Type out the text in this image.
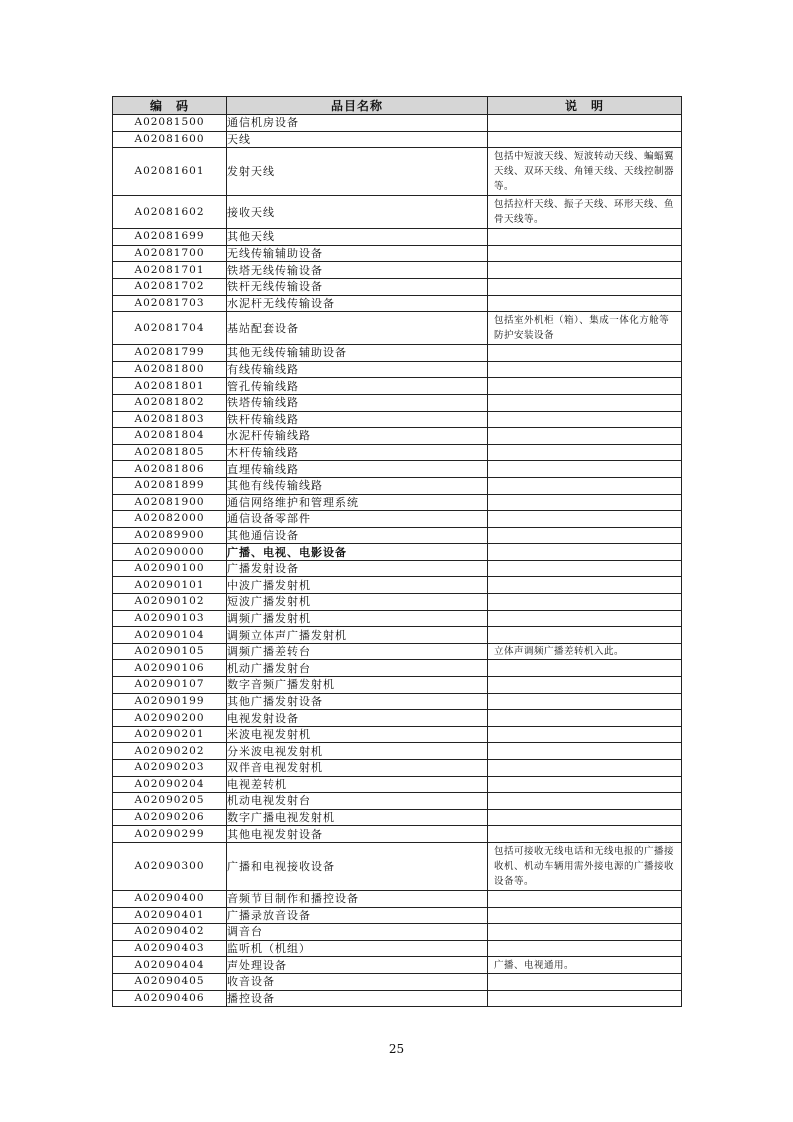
编　码	品目名称	说　明
A02081500	通信机房设备	
A02081600	天线	
A02081601	发射天线	包括中短波天线、短波转动天线、蝙蝠翼天线、双环天线、角锤天线、天线控制器等。
A02081602	接收天线	包括拉杆天线、振子天线、环形天线、鱼骨天线等。
A02081699	其他天线	
A02081700	无线传输辅助设备	
A02081701	铁塔无线传输设备	
A02081702	铁杆无线传输设备	
A02081703	水泥杆无线传输设备	
A02081704	基站配套设备	包括室外机柜（箱）、集成一体化方舱等防护安装设备
A02081799	其他无线传输辅助设备	
A02081800	有线传输线路	
A02081801	管孔传输线路	
A02081802	铁塔传输线路	
A02081803	铁杆传输线路	
A02081804	水泥杆传输线路	
A02081805	木杆传输线路	
A02081806	直埋传输线路	
A02081899	其他有线传输线路	
A02081900	通信网络维护和管理系统	
A02082000	通信设备零部件	
A02089900	其他通信设备	
A02090000	广播、电视、电影设备	
A02090100	广播发射设备	
A02090101	中波广播发射机	
A02090102	短波广播发射机	
A02090103	调频广播发射机	
A02090104	调频立体声广播发射机	
A02090105	调频广播差转台	立体声调频广播差转机入此。
A02090106	机动广播发射台	
A02090107	数字音频广播发射机	
A02090199	其他广播发射设备	
A02090200	电视发射设备	
A02090201	米波电视发射机	
A02090202	分米波电视发射机	
A02090203	双伴音电视发射机	
A02090204	电视差转机	
A02090205	机动电视发射台	
A02090206	数字广播电视发射机	
A02090299	其他电视发射设备	
A02090300	广播和电视接收设备	包括可接收无线电话和无线电报的广播接收机、机动车辆用需外接电源的广播接收设备等。
A02090400	音频节目制作和播控设备	
A02090401	广播录放音设备	
A02090402	调音台	
A02090403	监听机（机组）	
A02090404	声处理设备	广播、电视通用。
A02090405	收音设备	
A02090406	播控设备	
25
